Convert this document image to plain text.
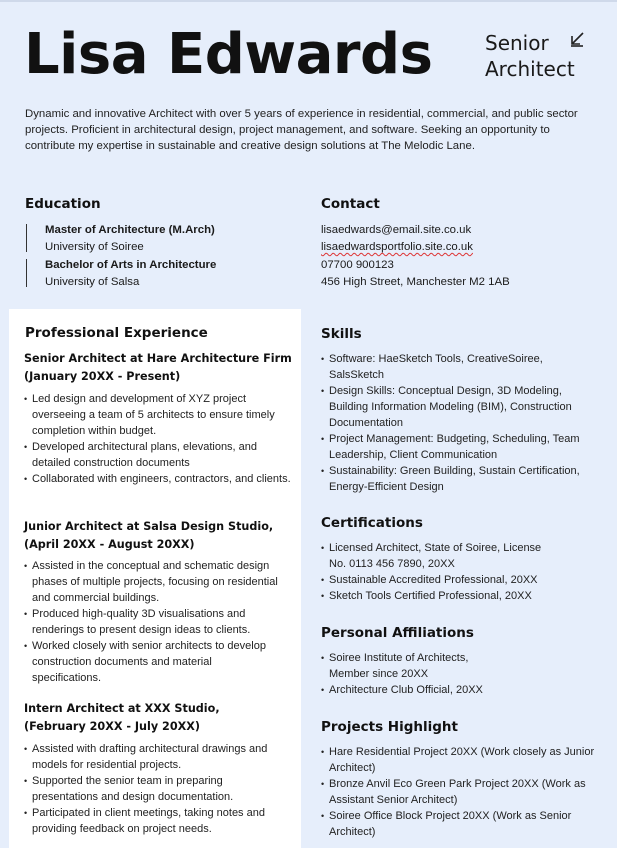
Lisa Edwards	Senior
Architect
Dynamic and innovative Architect with over 5 years of experience in residential, commercial, and public sector projects. Proficient in architectural design, project management, and software. Seeking an opportunity to contribute my expertise in sustainable and creative design solutions at The Melodic Lane.
Education
Master of Architecture (M.Arch)
University of Soiree
Bachelor of Arts in Architecture
University of Salsa
Contact
lisaedwards@email.site.co.uk
lisaedwardsportfolio.site.co.uk
07700 900123
456 High Street, Manchester M2 1AB
Professional Experience
Senior Architect at Hare Architecture Firm
(January 20XX - Present)
• Led design and development of XYZ project overseeing a team of 5 architects to ensure timely completion within budget.
• Developed architectural plans, elevations, and detailed construction documents
• Collaborated with engineers, contractors, and clients.
Junior Architect at Salsa Design Studio,
(April 20XX - August 20XX)
• Assisted in the conceptual and schematic design phases of multiple projects, focusing on residential and commercial buildings.
• Produced high-quality 3D visualisations and renderings to present design ideas to clients.
• Worked closely with senior architects to develop construction documents and material specifications.
Intern Architect at XXX Studio,
(February 20XX - July 20XX)
• Assisted with drafting architectural drawings and models for residential projects.
• Supported the senior team in preparing presentations and design documentation.
• Participated in client meetings, taking notes and providing feedback on project needs.
Skills
• Software: HaeSketch Tools, CreativeSoiree, SalsSketch
• Design Skills: Conceptual Design, 3D Modeling, Building Information Modeling (BIM), Construction Documentation
• Project Management: Budgeting, Scheduling, Team Leadership, Client Communication
• Sustainability: Green Building, Sustain Certification, Energy-Efficient Design
Certifications
• Licensed Architect, State of Soiree, License No. 0113 456 7890, 20XX
• Sustainable Accredited Professional, 20XX
• Sketch Tools Certified Professional, 20XX
Personal Affiliations
• Soiree Institute of Architects, Member since 20XX
• Architecture Club Official, 20XX
Projects Highlight
• Hare Residential Project 20XX (Work closely as Junior Architect)
• Bronze Anvil Eco Green Park Project 20XX (Work as Assistant Senior Architect)
• Soiree Office Block Project 20XX (Work as Senior Architect)
